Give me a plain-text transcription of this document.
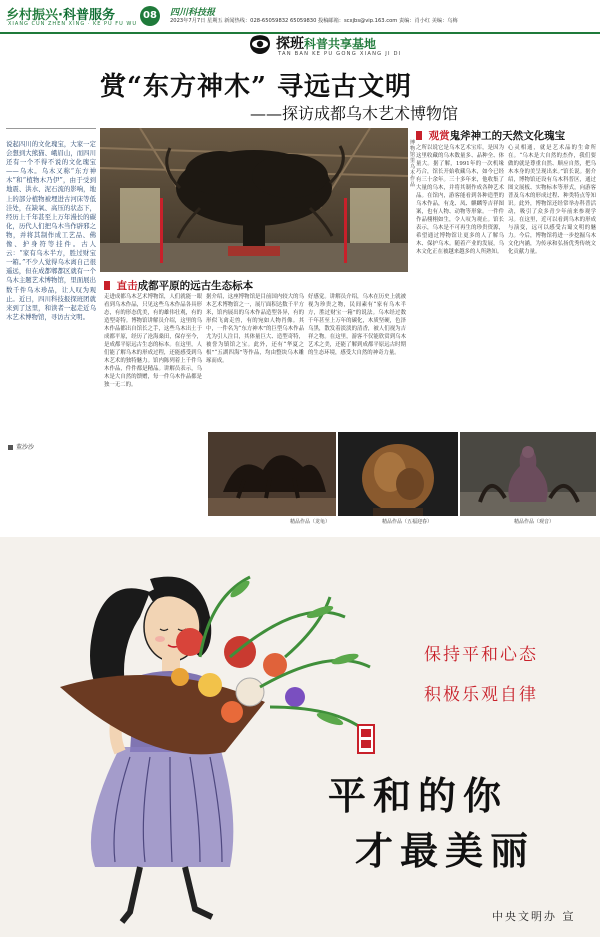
乡村振兴·科普服务
XIANG CUN ZHEN XING · KE PU FU WU
08	四川科技报
2023年7月7日 星期五 新闻热线：028-65059832 65059830 投稿邮箱：scxjbs@vip.163.com 责编：肖小红 美编：乌梅
探班科普共享基地
TAN BAN KE PU GONG XIANG JI DI
赏“东方神木” 寻远古文明
——探访成都乌木艺术博物馆
说起四川的文化瑰宝，大家一定会想到大熊猫、峨眉山，而四川还有一个不得不说的文化瑰宝——乌木。乌木又称“东方神木”和“植物木乃伊”，由于受到地震、洪水、泥石流的影响，地上的部分植物被埋进古河床等低洼处，在缺氧、高压的状态下，经历上千年甚至上万年漫长的碳化，历代人们把乌木当作辟邪之物，并将其制作成工艺品、佛像、护身符等挂件。古人云：“家有乌木半方，胜过财宝一箱。”不少人觉得乌木离自己很遥远，但在成都郫都区就有一个乌木主题艺术博物馆，里面展出数千件乌木珍品，让人叹为观止。近日，四川科技报探班团就来到了这里，和读者一起走近乌木艺术博物馆，寻访古文明。
董沙沙
博物馆里乌木作品
直击成都平原的远古生态标本
走进成都乌木艺术博物馆，人们就能一眼看到乌木作品，只见这些乌木作品各具形态，有的形态优美，有的雄伟壮观，有的造型奇特。博物馆讲解员介绍，这里的乌木作品都出自馆长之手，这些乌木出土于成都平原，经历了沧海桑田，保存至今，是成都平原远古生态的标本。在这里，人们能了解乌木的形成过程，还能感受到乌木艺术的独特魅力。馆内陈列着上千件乌木作品，件件都是精品。讲解员表示，乌木是大自然的馈赠，每一件乌木作品都是独一无二的。
据介绍，这座博物馆是目前国内较大的乌木艺术博物馆之一，展厅面积达数千平方米，馆内展出的乌木作品造型各异，有的形似飞禽走兽，有的宛如人物肖像。其中，一件名为“东方神木”的巨型乌木作品尤为引人注目，其体量巨大、造型奇特，被誉为镇馆之宝。此外，还有“华夏之根”“五湖四海”等作品，均由整块乌木雕琢而成。
好感觉。讲解员介绍，乌木在历史上就被视为珍贵之物，民间素有“家有乌木半方，胜过财宝一箱”的说法。乌木经过数千年甚至上万年的碳化，木质坚硬，色泽乌黑，散发着淡淡的清香，被人们视为吉祥之物。在这里，游客不仅能欣赏到乌木艺术之美，还能了解到成都平原远古时期的生态环境，感受大自然的神奇力量。
观赏鬼斧神工的天然文化瑰宝
之所以说它是乌木艺术宝库，是因为这里收藏的乌木数量多、品种全、体量大。据了解，1991年的一次机缘巧合，馆长开始收藏乌木，如今已经有三十余年。三十多年来，他收集了大量的乌木，并将其制作成各种艺术品。在馆内，游客能看到各种造型的乌木作品，有龙、凤、麒麟等吉祥图案，也有人物、动物等形象。一件件作品栩栩如生，令人叹为观止。馆长表示，乌木是不可再生的珍贵资源，希望通过博物馆让更多的人了解乌木、保护乌木。随着产业的发展，乌木文化正在被越来越多的人所熟知。
心灵相通，就是艺术品的生命所在。“乌木是大自然的杰作，我们要做的就是尊重自然、顺应自然，把乌木本身的美呈现出来。”馆长说。据介绍，博物馆还设有乌木科普区，通过图文展板、实物标本等形式，向游客普及乌木的形成过程、种类特点等知识。此外，博物馆还经常举办科普活动，吸引了众多青少年前来参观学习。在这里，近可以看到乌木的形成与演变，远可以感受古蜀文明的魅力。今后，博物馆将进一步挖掘乌木文化内涵，为传承和弘扬优秀传统文化贡献力量。
精品作品（龙龟）	精品作品（五福迎春）	精品作品（观音）
保持平和心态
积极乐观自律
平和的你
才最美丽
中央文明办 宣
